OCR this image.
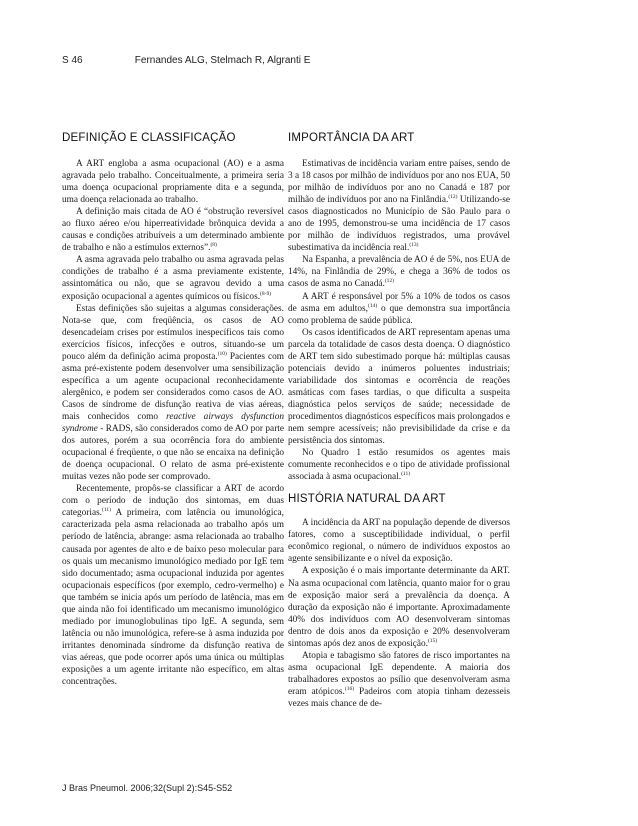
S 46	Fernandes ALG, Stelmach R, Algranti E
DEFINIÇÃO E CLASSIFICAÇÃO

A ART engloba a asma ocupacional (AO) e a asma agravada pelo trabalho. Conceitualmente, a primeira seria uma doença ocupacional propriamente dita e a segunda, uma doença relacionada ao trabalho.

A definição mais citada de AO é “obstrução reversível ao fluxo aéreo e/ou hiperreatividade brônquica devida a causas e condições atribuíveis a um determinado ambiente de trabalho e não a estímulos externos”.$^{(8)}$

A asma agravada pelo trabalho ou asma agravada pelas condições de trabalho é a asma previamente existente, assintomática ou não, que se agravou devido a uma exposição ocupacional a agentes químicos ou físicos.$^{(8-9)}$

Estas definições são sujeitas a algumas considerações. Nota-se que, com freqüência, os casos de AO desencadeiam crises por estímulos inespecíficos tais como exercícios físicos, infecções e outros, situando-se um pouco além da definição acima proposta.$^{(10)}$ Pacientes com asma pré-existente podem desenvolver uma sensibilização específica a um agente ocupacional reconhecidamente alergênico, e podem ser considerados como casos de AO. Casos de síndrome de disfunção reativa de vias aéreas, mais conhecidos como reactive airways dysfunction syndrome - RADS, são considerados como de AO por parte dos autores, porém a sua ocorrência fora do ambiente ocupacional é freqüente, o que não se encaixa na definição de doença ocupacional. O relato de asma pré-existente muitas vezes não pode ser comprovado.

Recentemente, propôs-se classificar a ART de acordo com o período de indução dos sintomas, em duas categorias.$^{(11)}$ A primeira, com latência ou imunológica, caracterizada pela asma relacionada ao trabalho após um período de latência, abrange: asma relacionada ao trabalho causada por agentes de alto e de baixo peso molecular para os quais um mecanismo imunológico mediado por IgE tem sido documentado; asma ocupacional induzida por agentes ocupacionais específicos (por exemplo, cedro-vermelho) e que também se inicia após um período de latência, mas em que ainda não foi identificado um mecanismo imunológico mediado por imunoglobulinas tipo IgE. A segunda, sem latência ou não imunológica, refere-se à asma induzida por irritantes denominada síndrome da disfunção reativa de vias aéreas, que pode ocorrer após uma única ou múltiplas exposições a um agente irritante não específico, em altas concentrações.

IMPORTÂNCIA DA ART

Estimativas de incidência variam entre países, sendo de 3 a 18 casos por milhão de indivíduos por ano nos EUA, 50 por milhão de indivíduos por ano no Canadá e 187 por milhão de indivíduos por ano na Finlândia.$^{(12)}$ Utilizando-se casos diagnosticados no Município de São Paulo para o ano de 1995, demonstrou-se uma incidência de 17 casos por milhão de indivíduos registrados, uma provável subestimativa da incidência real.$^{(13)}$

Na Espanha, a prevalência de AO é de 5%, nos EUA de 14%, na Finlândia de 29%, e chega a 36% de todos os casos de asma no Canadá.$^{(12)}$

A ART é responsável por 5% a 10% de todos os casos de asma em adultos,$^{(14)}$ o que demonstra sua importância como problema de saúde pública.

Os casos identificados de ART representam apenas uma parcela da totalidade de casos desta doença. O diagnóstico de ART tem sido subestimado porque há: múltiplas causas potenciais devido a inúmeros poluentes industriais; variabilidade dos sintomas e ocorrência de reações asmáticas com fases tardias, o que dificulta a suspeita diagnóstica pelos serviços de saúde; necessidade de procedimentos diagnósticos específicos mais prolongados e nem sempre acessíveis; não previsibilidade da crise e da persistência dos sintomas.

No Quadro 1 estão resumidos os agentes mais comumente reconhecidos e o tipo de atividade profissional associada à asma ocupacional.$^{(11)}$

HISTÓRIA NATURAL DA ART

A incidência da ART na população depende de diversos fatores, como a susceptibilidade individual, o perfil econômico regional, o número de indivíduos expostos ao agente sensibilizante e o nível da exposição.

A exposição é o mais importante determinante da ART. Na asma ocupacional com latência, quanto maior for o grau de exposição maior será a prevalência da doença. A duração da exposição não é importante. Aproximadamente 40% dos indivíduos com AO desenvolveram sintomas dentro de dois anos da exposição e 20% desenvolveram sintomas após dez anos de exposição.$^{(15)}$

Atopia e tabagismo são fatores de risco importantes na asma ocupacional IgE dependente. A maioria dos trabalhadores expostos ao psílio que desenvolveram asma eram atópicos.$^{(16)}$ Padeiros com atopia tinham dezesseis vezes mais chance de de-

J Bras Pneumol. 2006;32(Supl 2):S45-S52
